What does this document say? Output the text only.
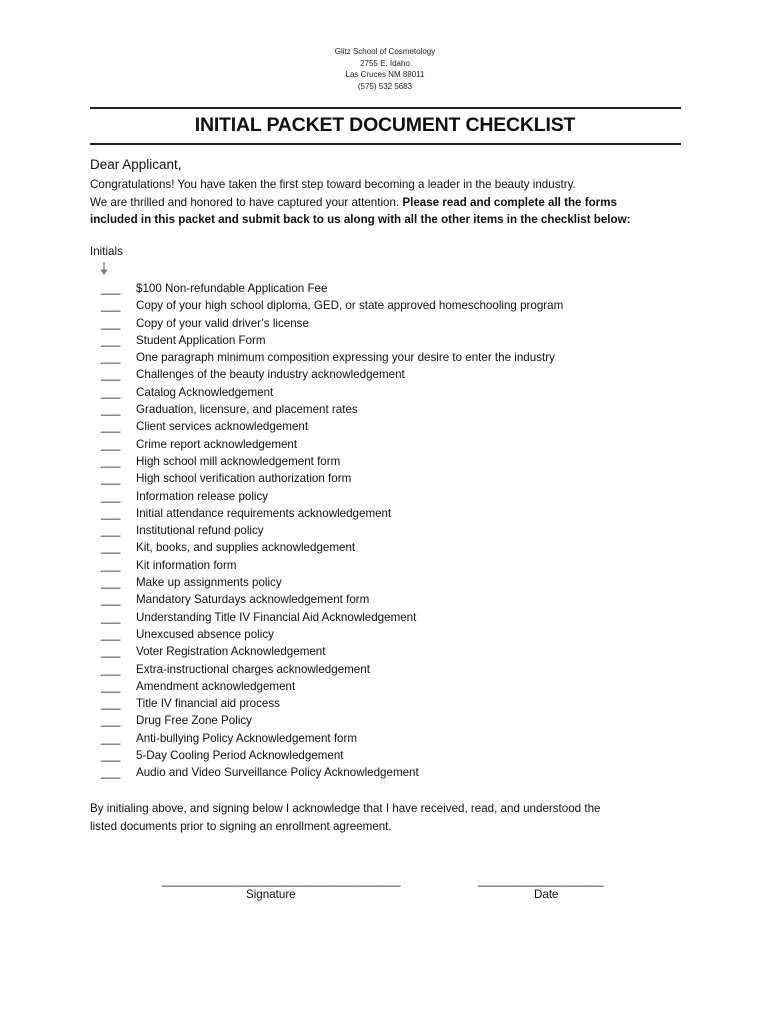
Glitz School of Cosmetology
2755 E. Idaho
Las Cruces NM 88011
(575) 532 5683
INITIAL PACKET DOCUMENT CHECKLIST
Dear Applicant,
Congratulations! You have taken the first step toward becoming a leader in the beauty industry.
We are thrilled and honored to have captured your attention. Please read and complete all the forms
included in this packet and submit back to us along with all the other items in the checklist below:
Initials
___ $100 Non-refundable Application Fee
___ Copy of your high school diploma, GED, or state approved homeschooling program
___ Copy of your valid driver’s license
___ Student Application Form
___ One paragraph minimum composition expressing your desire to enter the industry
___ Challenges of the beauty industry acknowledgement
___ Catalog Acknowledgement
___ Graduation, licensure, and placement rates
___ Client services acknowledgement
___ Crime report acknowledgement
___ High school mill acknowledgement form
___ High school verification authorization form
___ Information release policy
___ Initial attendance requirements acknowledgement
___ Institutional refund policy
___ Kit, books, and supplies acknowledgement
___ Kit information form
___ Make up assignments policy
___ Mandatory Saturdays acknowledgement form
___ Understanding Title IV Financial Aid Acknowledgement
___ Unexcused absence policy
___ Voter Registration Acknowledgement
___ Extra-instructional charges acknowledgement
___ Amendment acknowledgement
___ Title IV financial aid process
___ Drug Free Zone Policy
___ Anti-bullying Policy Acknowledgement form
___ 5-Day Cooling Period Acknowledgement
___ Audio and Video Surveillance Policy Acknowledgement
By initialing above, and signing below I acknowledge that I have received, read, and understood the
listed documents prior to signing an enrollment agreement.
________________________________________	_____________________
Signature	Date
